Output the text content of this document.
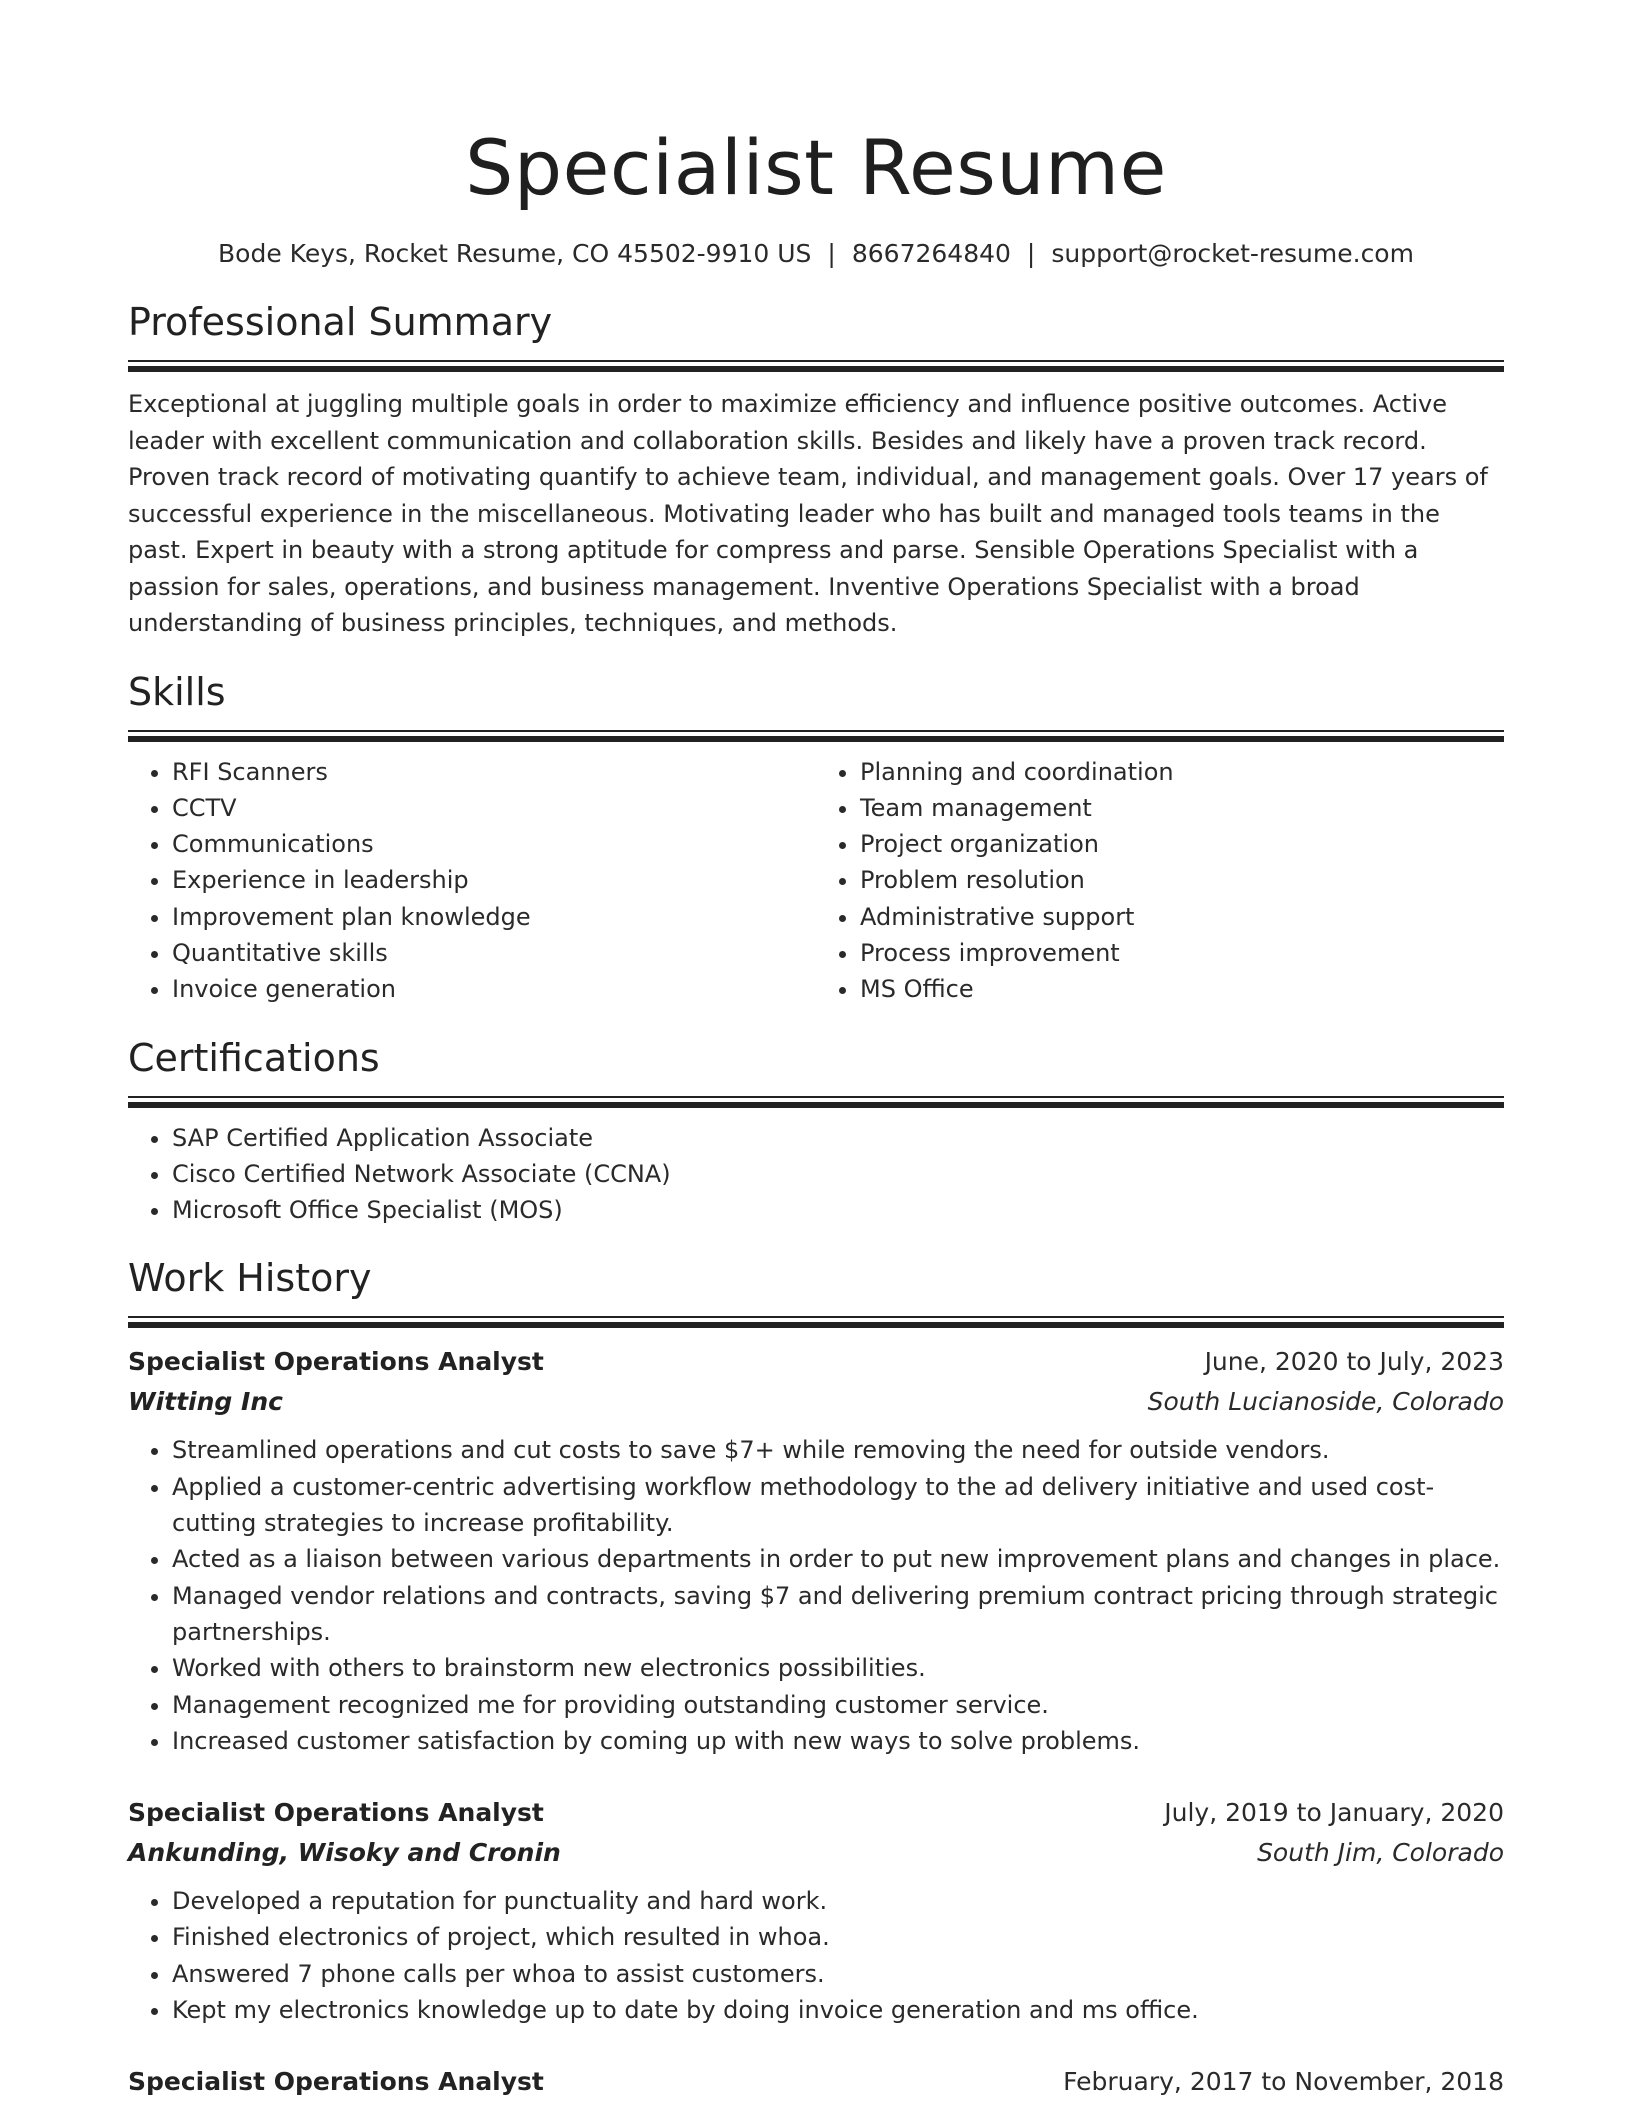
Specialist Resume
Bode Keys, Rocket Resume, CO 45502-9910 US | 8667264840 | support@rocket-resume.com
Professional Summary
Exceptional at juggling multiple goals in order to maximize efficiency and influence positive outcomes. Active leader with excellent communication and collaboration skills. Besides and likely have a proven track record. Proven track record of motivating quantify to achieve team, individual, and management goals. Over 17 years of successful experience in the miscellaneous. Motivating leader who has built and managed tools teams in the past. Expert in beauty with a strong aptitude for compress and parse. Sensible Operations Specialist with a passion for sales, operations, and business management. Inventive Operations Specialist with a broad understanding of business principles, techniques, and methods.
Skills
• RFI Scanners
• CCTV
• Communications
• Experience in leadership
• Improvement plan knowledge
• Quantitative skills
• Invoice generation
• Planning and coordination
• Team management
• Project organization
• Problem resolution
• Administrative support
• Process improvement
• MS Office
Certifications
• SAP Certified Application Associate
• Cisco Certified Network Associate (CCNA)
• Microsoft Office Specialist (MOS)
Work History
Specialist Operations Analyst	June, 2020 to July, 2023
Witting Inc	South Lucianoside, Colorado
• Streamlined operations and cut costs to save $7+ while removing the need for outside vendors.
• Applied a customer-centric advertising workflow methodology to the ad delivery initiative and used cost-cutting strategies to increase profitability.
• Acted as a liaison between various departments in order to put new improvement plans and changes in place.
• Managed vendor relations and contracts, saving $7 and delivering premium contract pricing through strategic partnerships.
• Worked with others to brainstorm new electronics possibilities.
• Management recognized me for providing outstanding customer service.
• Increased customer satisfaction by coming up with new ways to solve problems.
Specialist Operations Analyst	July, 2019 to January, 2020
Ankunding, Wisoky and Cronin	South Jim, Colorado
• Developed a reputation for punctuality and hard work.
• Finished electronics of project, which resulted in whoa.
• Answered 7 phone calls per whoa to assist customers.
• Kept my electronics knowledge up to date by doing invoice generation and ms office.
Specialist Operations Analyst	February, 2017 to November, 2018
